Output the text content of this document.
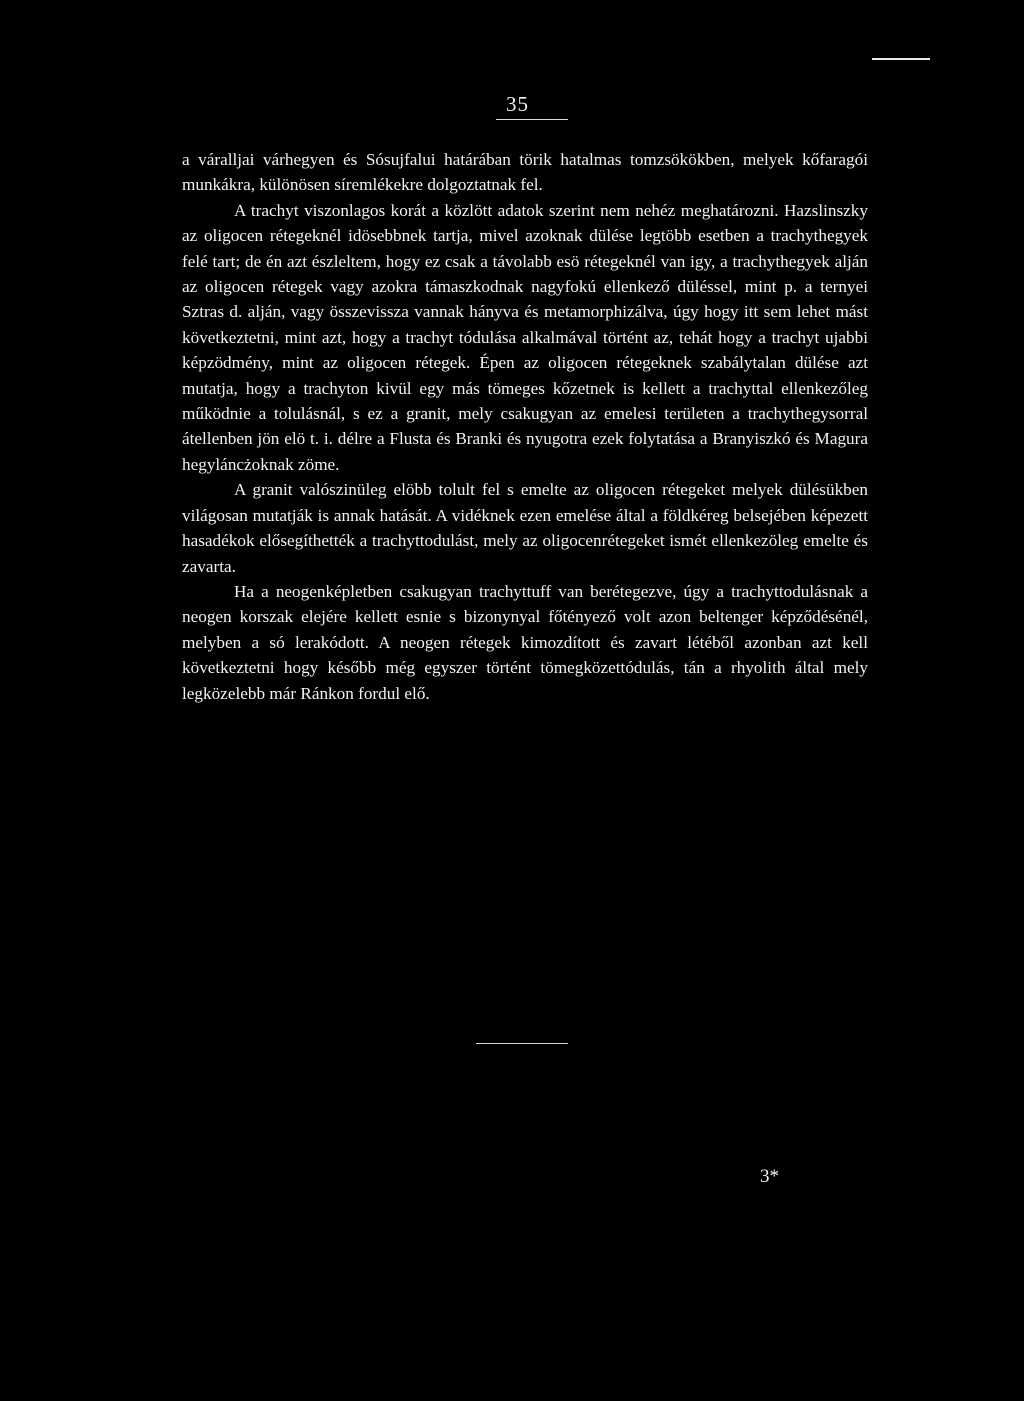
35

a váralljai várhegyen és Sósujfalui határában törik hatalmas tomzsökökben, melyek kőfaragói munkákra, különösen síremlékekre dolgoztatnak fel.

A trachyt viszonlagos korát a közlött adatok szerint nem nehéz meghatározni. Hazslinszky az oligocen rétegeknél idösebbnek tartja, mivel azoknak dülése legtöbb esetben a trachythegyek felé tart; de én azt észleltem, hogy ez csak a távolabb esö rétegeknél van igy, a trachythegyek alján az oligocen rétegek vagy azokra támaszkodnak nagyfokú ellenkező düléssel, mint p. a ternyei Sztras d. alján, vagy összevissza vannak hányva és metamorphizálva, úgy hogy itt sem lehet mást következtetni, mint azt, hogy a trachyt tódulása alkalmával történt az, tehát hogy a trachyt ujabbi képzödmény, mint az oligocen rétegek. Épen az oligocen rétegeknek szabálytalan dülése azt mutatja, hogy a trachyton kivül egy más tömeges kőzetnek is kellett a trachyttal ellenkezőleg működnie a tolulásnál, s ez a granit, mely csakugyan az emelesi területen a trachythegysorral átellenben jön elö t. i. délre a Flusta és Branki és nyugotra ezek folytatása a Branyiszkó és Magura hegyláncżoknak zöme.

A granit valószinüleg elöbb tolult fel s emelte az oligocen rétegeket melyek dülésükben világosan mutatják is annak hatását. A vidéknek ezen emelése által a földkéreg belsejében képezett hasadékok elősegíthették a trachyttodulást, mely az oligocenrétegeket ismét ellenkezöleg emelte és zavarta.

Ha a neogenképletben csakugyan trachyttuff van berétegezve, úgy a trachyttodulásnak a neogen korszak elejére kellett esnie s bizonynyal főtényező volt azon beltenger képződésénél, melyben a só lerakódott. A neogen rétegek kimozdított és zavart létéből azonban azt kell következtetni hogy később még egyszer történt tömegközettódulás, tán a rhyolith által mely legközelebb már Ránkon fordul elő.

3*
